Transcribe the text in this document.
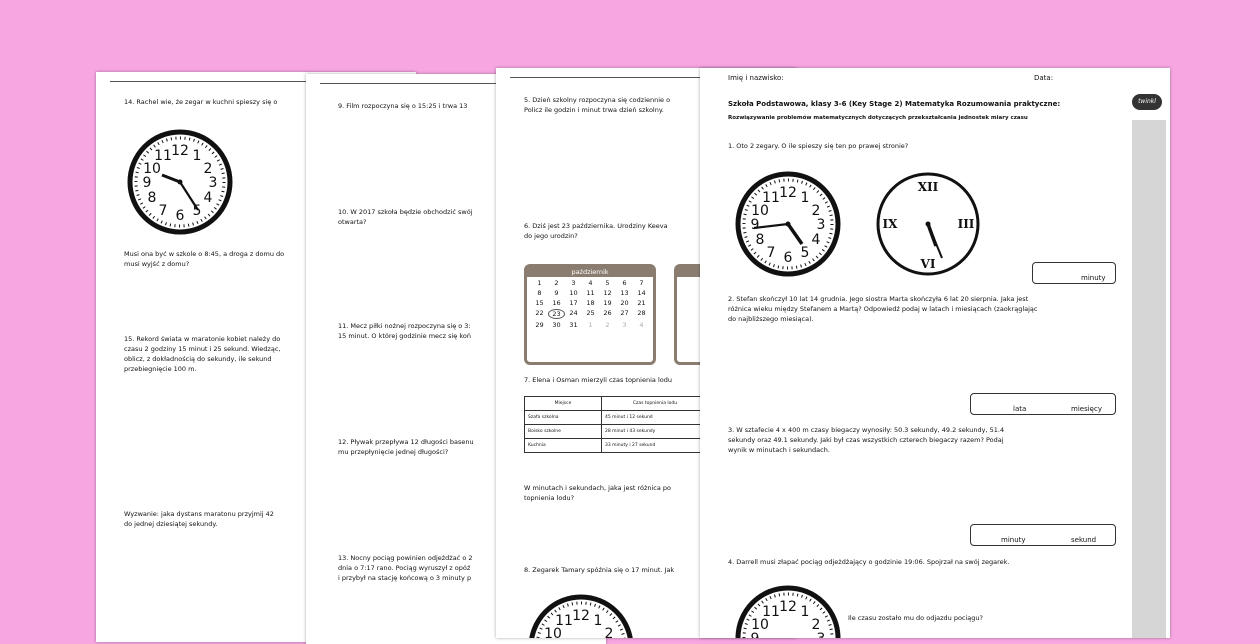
14. Rachel wie, że zegar w kuchni spieszy się o
Musi ona być w szkole o 8:45, a droga z domu do
musi wyjść z domu?
15. Rekord świata w maratonie kobiet należy do
czasu 2 godziny 15 minut i 25 sekund. Wiedząc,
oblicz, z dokładnością do sekundy, ile sekund
przebiegnięcie 100 m.
Wyzwanie: jaka dystans maratonu przyjmij 42
do jednej dziesiątej sekundy.
9. Film rozpoczyna się o 15:25 i trwa 13
10. W 2017 szkoła będzie obchodzić swój
otwarta?
11. Mecz piłki nożnej rozpoczyna się o 3:
15 minut. O której godzinie mecz się koń
12. Pływak przepływa 12 długości basenu
mu przepłynięcie jednej długości?
13. Nocny pociąg powinien odjeżdżać o 2
dnia o 7:17 rano. Pociąg wyruszył z opóź
i przybył na stację końcową o 3 minuty p
5. Dzień szkolny rozpoczyna się codziennie o
Policz ile godzin i minut trwa dzień szkolny.
6. Dziś jest 23 października. Urodziny Keeva
do jego urodzin?
październik
1	2	3	4	5	6	7
8	9	10	11	12	13	14
15	16	17	18	19	20	21
22	23	24	25	26	27	28
29	30	31	1	2	3	4
7. Elena i Osman mierzyli czas topnienia lodu
Miejsce	Czas topnienia lodu
Szafa szkolna	45 minut i 12 sekund
Boisko szkolne	28 minut i 43 sekundy
Kuchnia	33 minuty i 27 sekund
W minutach i sekundach, jaka jest różnica po
topnienia lodu?
8. Zegarek Tamary spóźnia się o 17 minut. Jak
Imię i nazwisko:	Data:
Szkoła Podstawowa, klasy 3-6 (Key Stage 2) Matematyka Rozumowania praktyczne:
Rozwiązywanie problemów matematycznych dotyczących przekształcania jednostek miary czasu
twinkl
1. Oto 2 zegary. O ile spieszy się ten po prawej stronie?
XII
III
VI
IX
minuty
2. Stefan skończył 10 lat 14 grudnia. Jego siostra Marta skończyła 6 lat 20 sierpnia. Jaka jest
różnica wieku między Stefanem a Martą? Odpowiedź podaj w latach i miesiącach (zaokrąglając
do najbliższego miesiąca).
lata	miesięcy
3. W sztafecie 4 x 400 m czasy biegaczy wynosiły: 50.3 sekundy, 49.2 sekundy, 51.4
sekundy oraz 49.1 sekundy. Jaki był czas wszystkich czterech biegaczy razem? Podaj
wynik w minutach i sekundach.
minuty	sekund
4. Darrell musi złapać pociąg odjeżdżający o godzinie 19:06. Spojrzał na swój zegarek.
Ile czasu zostało mu do odjazdu pociągu?
